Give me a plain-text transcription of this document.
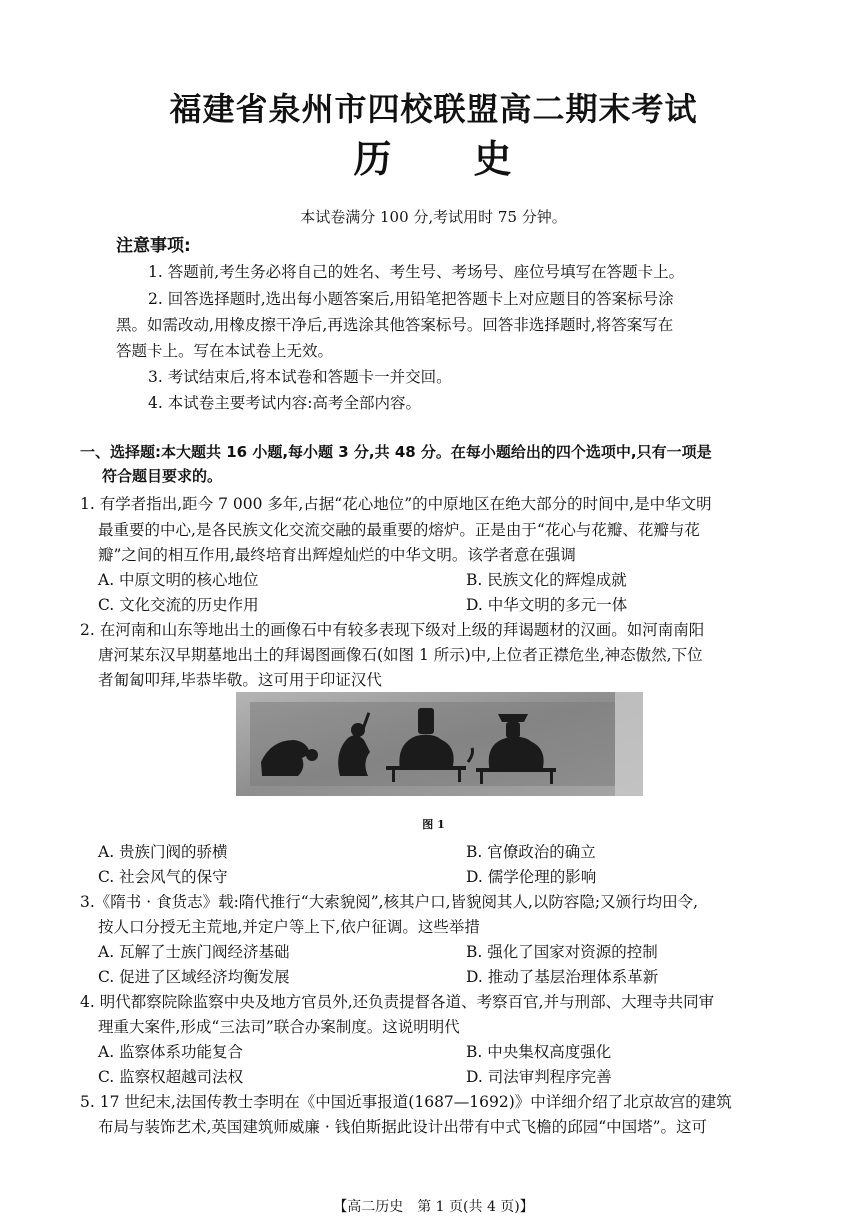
福建省泉州市四校联盟高二期末考试
历　　史
本试卷满分 100 分,考试用时 75 分钟。
注意事项:
1. 答题前,考生务必将自己的姓名、考生号、考场号、座位号填写在答题卡上。
2. 回答选择题时,选出每小题答案后,用铅笔把答题卡上对应题目的答案标号涂
黑。如需改动,用橡皮擦干净后,再选涂其他答案标号。回答非选择题时,将答案写在
答题卡上。写在本试卷上无效。
3. 考试结束后,将本试卷和答题卡一并交回。
4. 本试卷主要考试内容:高考全部内容。
一、选择题:本大题共 16 小题,每小题 3 分,共 48 分。在每小题给出的四个选项中,只有一项是
符合题目要求的。
1. 有学者指出,距今 7 000 多年,占据“花心地位”的中原地区在绝大部分的时间中,是中华文明
最重要的中心,是各民族文化交流交融的最重要的熔炉。正是由于“花心与花瓣、花瓣与花
瓣”之间的相互作用,最终培育出辉煌灿烂的中华文明。该学者意在强调
A. 中原文明的核心地位	B. 民族文化的辉煌成就
C. 文化交流的历史作用	D. 中华文明的多元一体
2. 在河南和山东等地出土的画像石中有较多表现下级对上级的拜谒题材的汉画。如河南南阳
唐河某东汉早期墓地出土的拜谒图画像石(如图 1 所示)中,上位者正襟危坐,神态傲然,下位
者匍匐叩拜,毕恭毕敬。这可用于印证汉代
图 1
A. 贵族门阀的骄横	B. 官僚政治的确立
C. 社会风气的保守	D. 儒学伦理的影响
3.《隋书 · 食货志》载:隋代推行“大索貌阅”,核其户口,皆貌阅其人,以防容隐;又颁行均田令,
按人口分授无主荒地,并定户等上下,依户征调。这些举措
A. 瓦解了士族门阀经济基础	B. 强化了国家对资源的控制
C. 促进了区域经济均衡发展	D. 推动了基层治理体系革新
4. 明代都察院除监察中央及地方官员外,还负责提督各道、考察百官,并与刑部、大理寺共同审
理重大案件,形成“三法司”联合办案制度。这说明明代
A. 监察体系功能复合	B. 中央集权高度强化
C. 监察权超越司法权	D. 司法审判程序完善
5. 17 世纪末,法国传教士李明在《中国近事报道(1687—1692)》中详细介绍了北京故宫的建筑
布局与装饰艺术,英国建筑师威廉 · 钱伯斯据此设计出带有中式飞檐的邱园“中国塔”。这可
【高二历史　第 1 页(共 4 页)】
